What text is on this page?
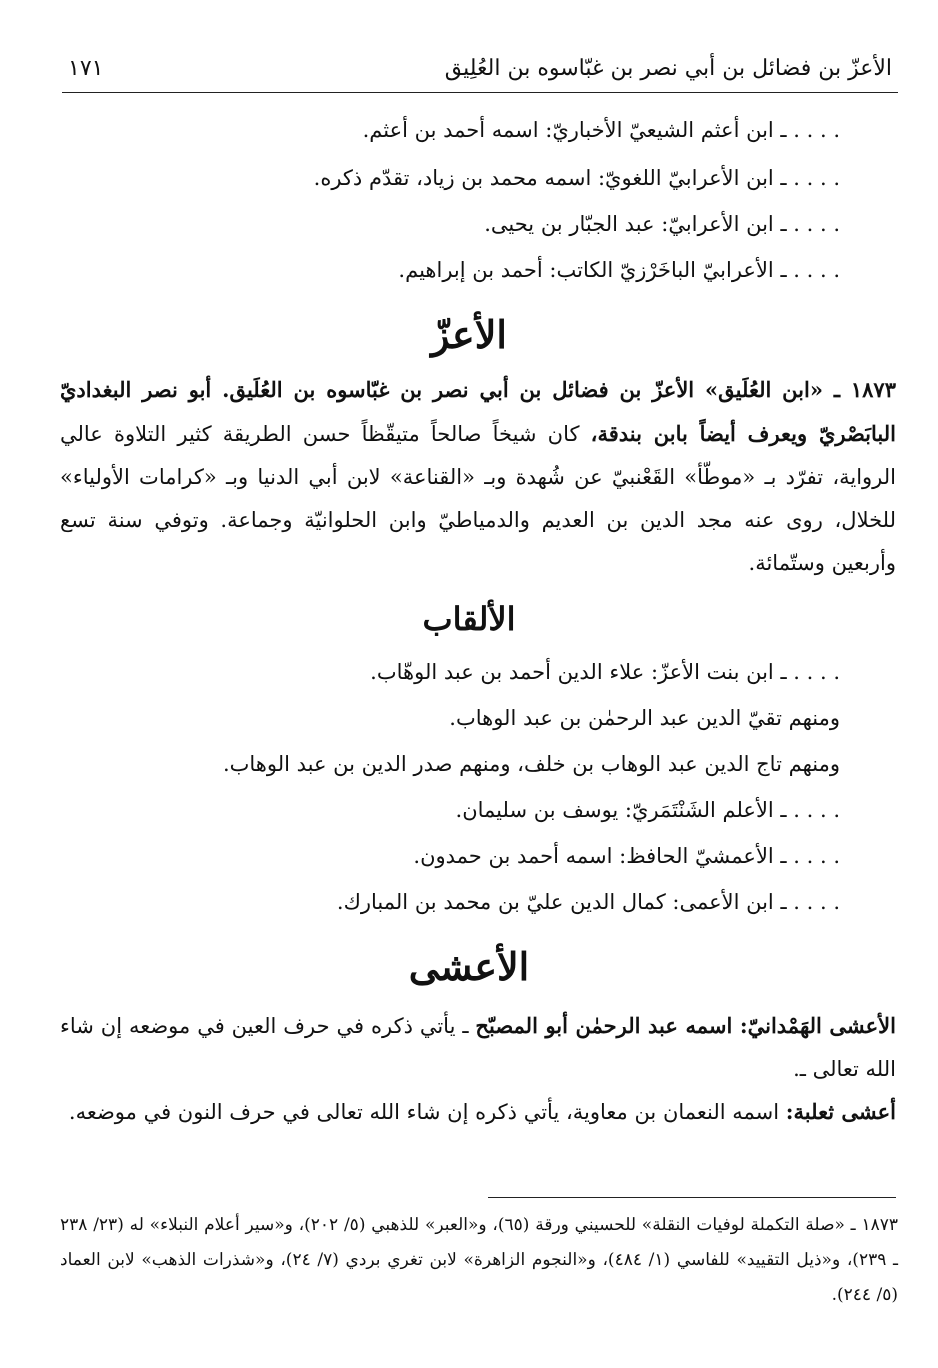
الأعزّ بن فضائل بن أبي نصر بن غبّاسوه بن العُلِيق
١٧١
. . . . ـ ابن أعثم الشيعيّ الأخباريّ: اسمه أحمد بن أعثم.
. . . . ـ ابن الأعرابيّ اللغويّ: اسمه محمد بن زياد، تقدّم ذكره.
. . . . ـ ابن الأعرابيّ: عبد الجبّار بن يحيى.
. . . . ـ الأعرابيّ الباخَرْزيّ الكاتب: أحمد بن إبراهيم.
الأعزّ
١٨٧٣ ـ «ابن العُلَيق» الأعزّ بن فضائل بن أبي نصر بن غبّاسوه بن العُلَيق. أبو نصر البغداديّ البابَصْريّ ويعرف أيضاً بابن بندقة، كان شيخاً صالحاً متيقّظاً حسن الطريقة كثير التلاوة عالي الرواية، تفرّد بـ «موطّأ» القَعْنبيّ عن شُهدة وبـ «القناعة» لابن أبي الدنيا وبـ «كرامات الأولياء» للخلال، روى عنه مجد الدين بن العديم والدمياطيّ وابن الحلوانيّة وجماعة. وتوفي سنة تسع وأربعين وستّمائة.
الألقاب
. . . . ـ ابن بنت الأعزّ: علاء الدين أحمد بن عبد الوهّاب.
ومنهم تقيّ الدين عبد الرحمٰن بن عبد الوهاب.
ومنهم تاج الدين عبد الوهاب بن خلف، ومنهم صدر الدين بن عبد الوهاب.
. . . . ـ الأعلم الشَنْتَمَريّ: يوسف بن سليمان.
. . . . ـ الأعمشيّ الحافظ: اسمه أحمد بن حمدون.
. . . . ـ ابن الأعمى: كمال الدين عليّ بن محمد بن المبارك.
الأعشى
الأعشى الهَمْدانيّ: اسمه عبد الرحمٰن أبو المصبّح ـ يأتي ذكره في حرف العين في موضعه إن شاء الله تعالى ـ.
أعشى ثعلبة: اسمه النعمان بن معاوية، يأتي ذكره إن شاء الله تعالى في حرف النون في موضعه.
١٨٧٣ ـ «صلة التكملة لوفيات النقلة» للحسيني ورقة (٦٥)، و«العبر» للذهبي (٥/ ٢٠٢)، و«سير أعلام النبلاء» له (٢٣/ ٢٣٨ ـ ٢٣٩)، و«ذيل التقييد» للفاسي (١/ ٤٨٤)، و«النجوم الزاهرة» لابن تغري بردي (٧/ ٢٤)، و«شذرات الذهب» لابن العماد (٥/ ٢٤٤).
